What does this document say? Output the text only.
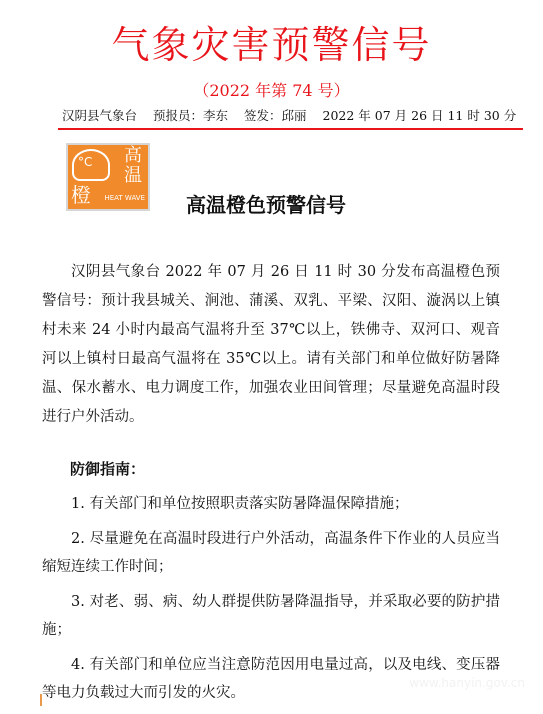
气象灾害预警信号
（2022 年第 74 号）
汉阴县气象台 预报员：李东 签发：邱丽 2022 年 07 月 26 日 11 时 30 分
°C 高
温
橙 HEAT WAVE 高温橙色预警信号

汉阴县气象台 2022 年 07 月 26 日 11 时 30 分发布高温橙色预警信号：预计我县城关、涧池、蒲溪、双乳、平梁、汉阳、漩涡以上镇村未来 24 小时内最高气温将升至 37℃以上，铁佛寺、双河口、观音河以上镇村日最高气温将在 35℃以上。请有关部门和单位做好防暑降温、保水蓄水、电力调度工作，加强农业田间管理；尽量避免高温时段进行户外活动。

防御指南：
1. 有关部门和单位按照职责落实防暑降温保障措施；
2. 尽量避免在高温时段进行户外活动，高温条件下作业的人员应当缩短连续工作时间；
3. 对老、弱、病、幼人群提供防暑降温指导，并采取必要的防护措施；
4. 有关部门和单位应当注意防范因用电量过高，以及电线、变压器等电力负载过大而引发的火灾。
www.hanyin.gov.cn
